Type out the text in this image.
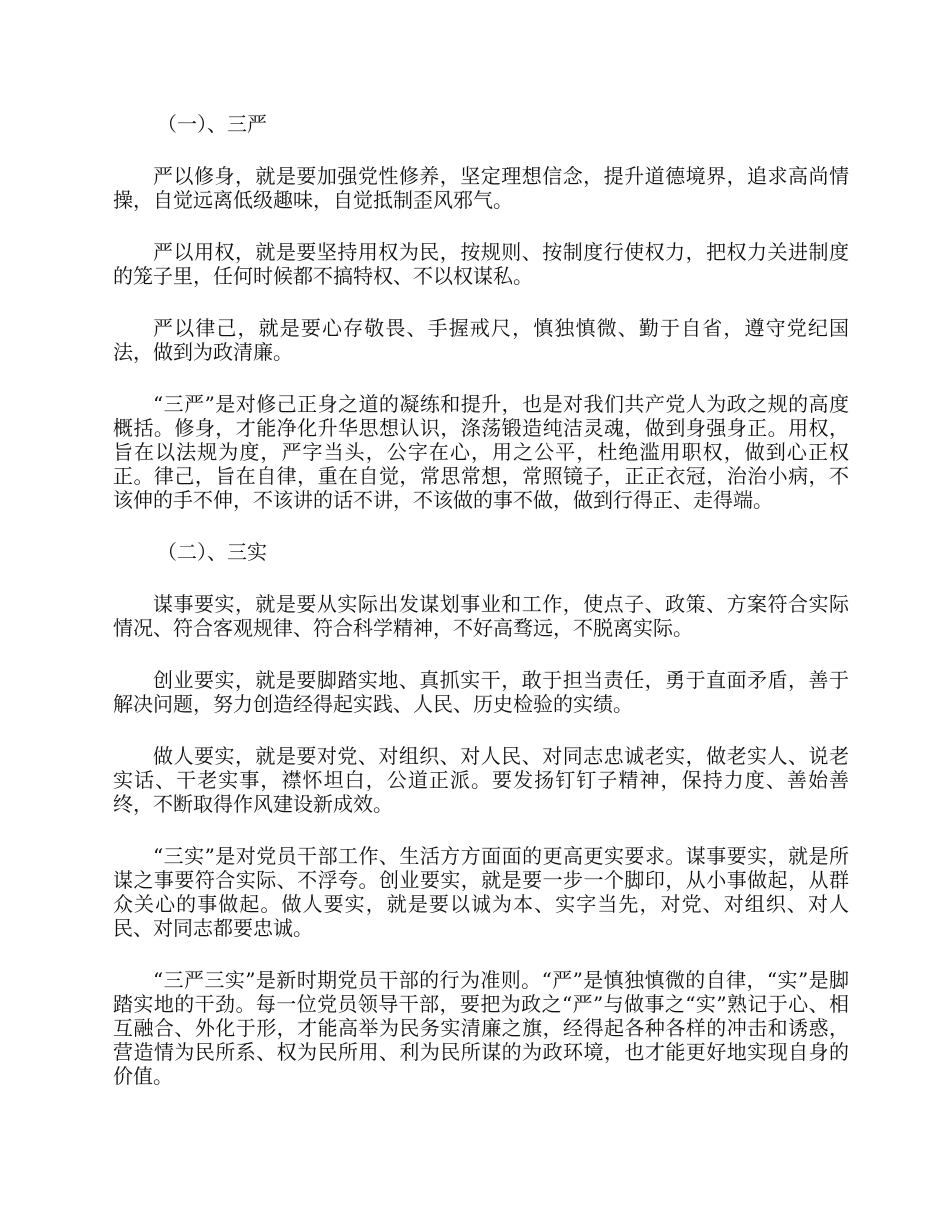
（一）、三严

严以修身，就是要加强党性修养，坚定理想信念，提升道德境界，追求高尚情操，自觉远离低级趣味，自觉抵制歪风邪气。

严以用权，就是要坚持用权为民，按规则、按制度行使权力，把权力关进制度的笼子里，任何时候都不搞特权、不以权谋私。

严以律己，就是要心存敬畏、手握戒尺，慎独慎微、勤于自省，遵守党纪国法，做到为政清廉。

“三严”是对修己正身之道的凝练和提升，也是对我们共产党人为政之规的高度概括。修身，才能净化升华思想认识，涤荡锻造纯洁灵魂，做到身强身正。用权，旨在以法规为度，严字当头，公字在心，用之公平，杜绝滥用职权，做到心正权正。律己，旨在自律，重在自觉，常思常想，常照镜子，正正衣冠，治治小病，不该伸的手不伸，不该讲的话不讲，不该做的事不做，做到行得正、走得端。

（二）、三实

谋事要实，就是要从实际出发谋划事业和工作，使点子、政策、方案符合实际情况、符合客观规律、符合科学精神，不好高骛远，不脱离实际。

创业要实，就是要脚踏实地、真抓实干，敢于担当责任，勇于直面矛盾，善于解决问题，努力创造经得起实践、人民、历史检验的实绩。

做人要实，就是要对党、对组织、对人民、对同志忠诚老实，做老实人、说老实话、干老实事，襟怀坦白，公道正派。要发扬钉钉子精神，保持力度、善始善终，不断取得作风建设新成效。

“三实”是对党员干部工作、生活方方面面的更高更实要求。谋事要实，就是所谋之事要符合实际、不浮夸。创业要实，就是要一步一个脚印，从小事做起，从群众关心的事做起。做人要实，就是要以诚为本、实字当先，对党、对组织、对人民、对同志都要忠诚。

“三严三实”是新时期党员干部的行为准则。“严”是慎独慎微的自律，“实”是脚踏实地的干劲。每一位党员领导干部，要把为政之“严”与做事之“实”熟记于心、相互融合、外化于形，才能高举为民务实清廉之旗，经得起各种各样的冲击和诱惑，营造情为民所系、权为民所用、利为民所谋的为政环境，也才能更好地实现自身的价值。
